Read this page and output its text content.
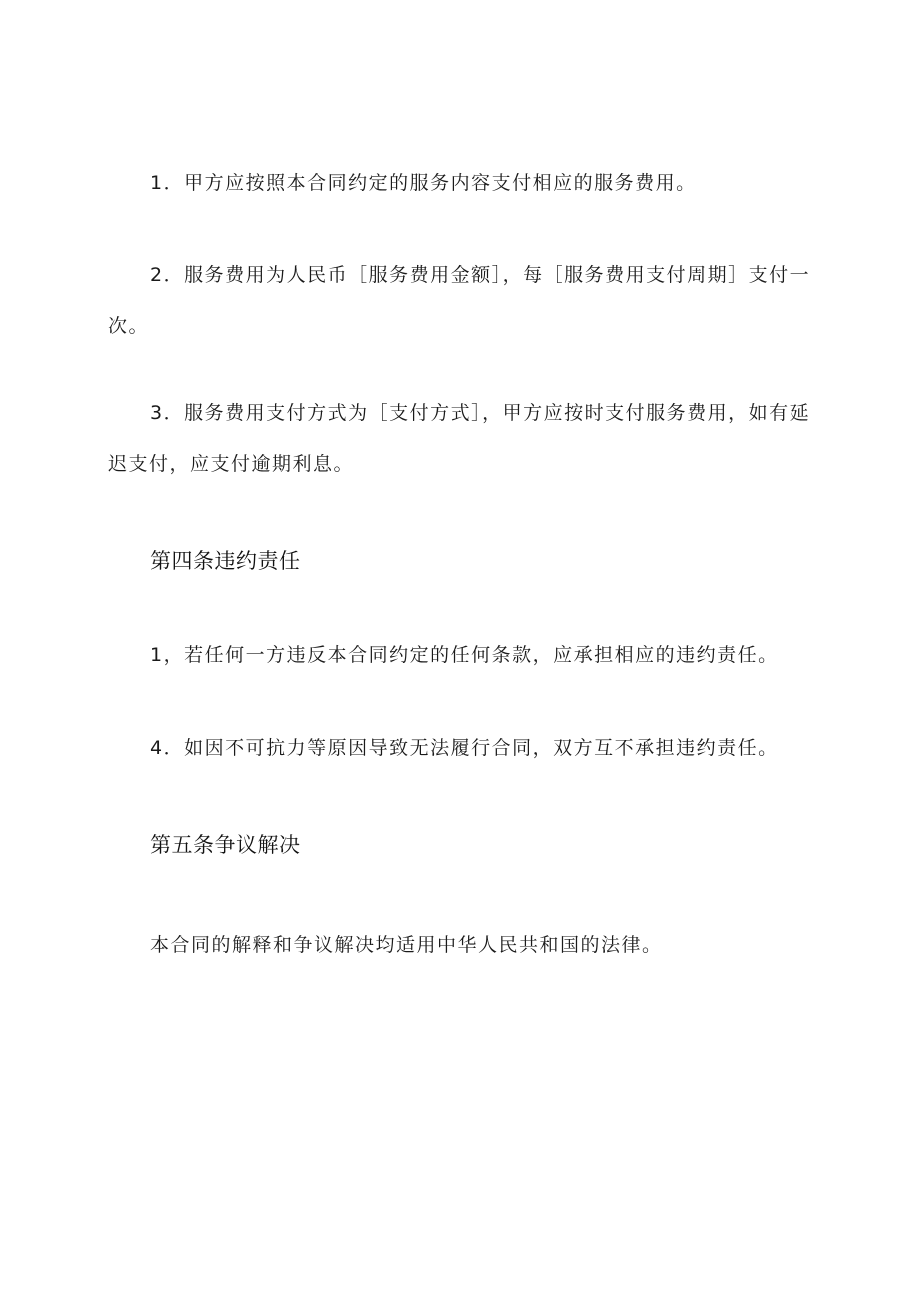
1．甲方应按照本合同约定的服务内容支付相应的服务费用。

2．服务费用为人民币［服务费用金额］，每［服务费用支付周期］支付一次。

3．服务费用支付方式为［支付方式］，甲方应按时支付服务费用，如有延迟支付，应支付逾期利息。

第四条违约责任

1，若任何一方违反本合同约定的任何条款，应承担相应的违约责任。

4．如因不可抗力等原因导致无法履行合同，双方互不承担违约责任。

第五条争议解决

本合同的解释和争议解决均适用中华人民共和国的法律。
